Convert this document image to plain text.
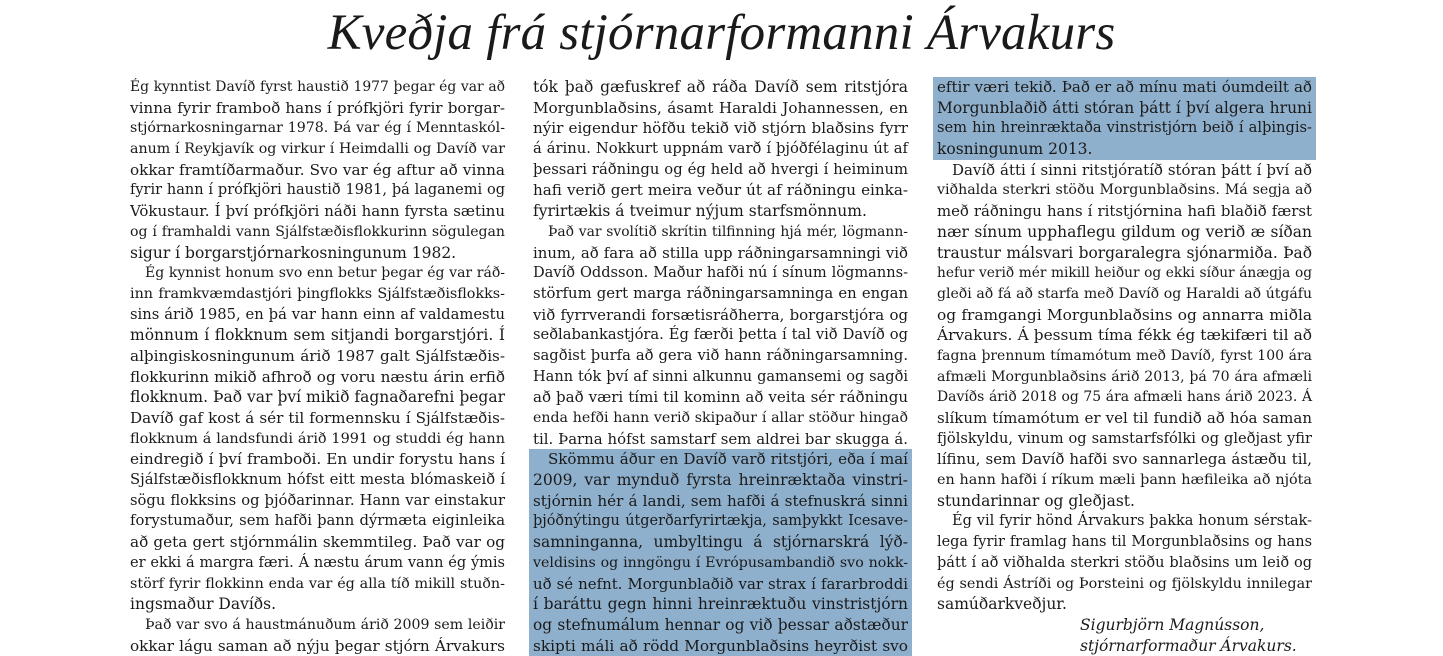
Kveðja frá stjórnarformanni Árvakurs
Ég kynntist Davíð fyrst haustið 1977 þegar ég var að
vinna fyrir framboð hans í prófkjöri fyrir borgar-
stjórnarkosningarnar 1978. Þá var ég í Menntaskól-
anum í Reykjavík og virkur í Heimdalli og Davíð var
okkar framtíðarmaður. Svo var ég aftur að vinna
fyrir hann í prófkjöri haustið 1981, þá laganemi og
Vökustaur. Í því prófkjöri náði hann fyrsta sætinu
og í framhaldi vann Sjálfstæðisflokkurinn sögulegan
sigur í borgarstjórnarkosningunum 1982.
Ég kynnist honum svo enn betur þegar ég var ráð-
inn framkvæmdastjóri þingflokks Sjálfstæðisflokks-
sins árið 1985, en þá var hann einn af valdamestu
mönnum í flokknum sem sitjandi borgarstjóri. Í
alþingiskosningunum árið 1987 galt Sjálfstæðis-
flokkurinn mikið afhroð og voru næstu árin erfið
flokknum. Það var því mikið fagnaðarefni þegar
Davíð gaf kost á sér til formennsku í Sjálfstæðis-
flokknum á landsfundi árið 1991 og studdi ég hann
eindregið í því framboði. En undir forystu hans í
Sjálfstæðisflokknum hófst eitt mesta blómaskeið í
sögu flokksins og þjóðarinnar. Hann var einstakur
forystumaður, sem hafði þann dýrmæta eiginleika
að geta gert stjórnmálin skemmtileg. Það var og
er ekki á margra færi. Á næstu árum vann ég ýmis
störf fyrir flokkinn enda var ég alla tíð mikill stuðn-
ingsmaður Davíðs.
Það var svo á haustmánuðum árið 2009 sem leiðir
okkar lágu saman að nýju þegar stjórn Árvakurs
tók það gæfuskref að ráða Davíð sem ritstjóra
Morgunblaðsins, ásamt Haraldi Johannessen, en
nýir eigendur höfðu tekið við stjórn blaðsins fyrr
á árinu. Nokkurt uppnám varð í þjóðfélaginu út af
þessari ráðningu og ég held að hvergi í heiminum
hafi verið gert meira veður út af ráðningu einka-
fyrirtækis á tveimur nýjum starfsmönnum.
Það var svolítið skrítin tilfinning hjá mér, lögmann-
inum, að fara að stilla upp ráðningarsamningi við
Davíð Oddsson. Maður hafði nú í sínum lögmanns-
störfum gert marga ráðningarsamninga en engan
við fyrrverandi forsætisráðherra, borgarstjóra og
seðlabankastjóra. Ég færði þetta í tal við Davíð og
sagðist þurfa að gera við hann ráðningarsamning.
Hann tók því af sinni alkunnu gamansemi og sagði
að það væri tími til kominn að veita sér ráðningu
enda hefði hann verið skipaður í allar stöður hingað
til. Þarna hófst samstarf sem aldrei bar skugga á.
Skömmu áður en Davíð varð ritstjóri, eða í maí
2009, var mynduð fyrsta hreinræktaða vinstri-
stjórnin hér á landi, sem hafði á stefnuskrá sinni
þjóðnýtingu útgerðarfyrirtækja, samþykkt Icesave-
samninganna, umbyltingu á stjórnarskrá lýð-
veldisins og inngöngu í Evrópusambandið svo nokk-
uð sé nefnt. Morgunblaðið var strax í fararbroddi
í baráttu gegn hinni hreinræktuðu vinstristjórn
og stefnumálum hennar og við þessar aðstæður
skipti máli að rödd Morgunblaðsins heyrðist svo
eftir væri tekið. Það er að mínu mati óumdeilt að
Morgunblaðið átti stóran þátt í því algera hruni
sem hin hreinræktaða vinstristjórn beið í alþingis-
kosningunum 2013.
Davíð átti í sinni ritstjóratíð stóran þátt í því að
viðhalda sterkri stöðu Morgunblaðsins. Má segja að
með ráðningu hans í ritstjórnina hafi blaðið færst
nær sínum upphaflegu gildum og verið æ síðan
traustur málsvari borgaralegra sjónarmiða. Það
hefur verið mér mikill heiður og ekki síður ánægja og
gleði að fá að starfa með Davíð og Haraldi að útgáfu
og framgangi Morgunblaðsins og annarra miðla
Árvakurs. Á þessum tíma fékk ég tækifæri til að
fagna þrennum tímamótum með Davíð, fyrst 100 ára
afmæli Morgunblaðsins árið 2013, þá 70 ára afmæli
Davíðs árið 2018 og 75 ára afmæli hans árið 2023. Á
slíkum tímamótum er vel til fundið að hóa saman
fjölskyldu, vinum og samstarfsfólki og gleðjast yfir
lífinu, sem Davíð hafði svo sannarlega ástæðu til,
en hann hafði í ríkum mæli þann hæfileika að njóta
stundarinnar og gleðjast.
Ég vil fyrir hönd Árvakurs þakka honum sérstak-
lega fyrir framlag hans til Morgunblaðsins og hans
þátt í að viðhalda sterkri stöðu blaðsins um leið og
ég sendi Ástríði og Þorsteini og fjölskyldu innilegar
samúðarkveðjur.
Sigurbjörn Magnússon,
stjórnarformaður Árvakurs.
